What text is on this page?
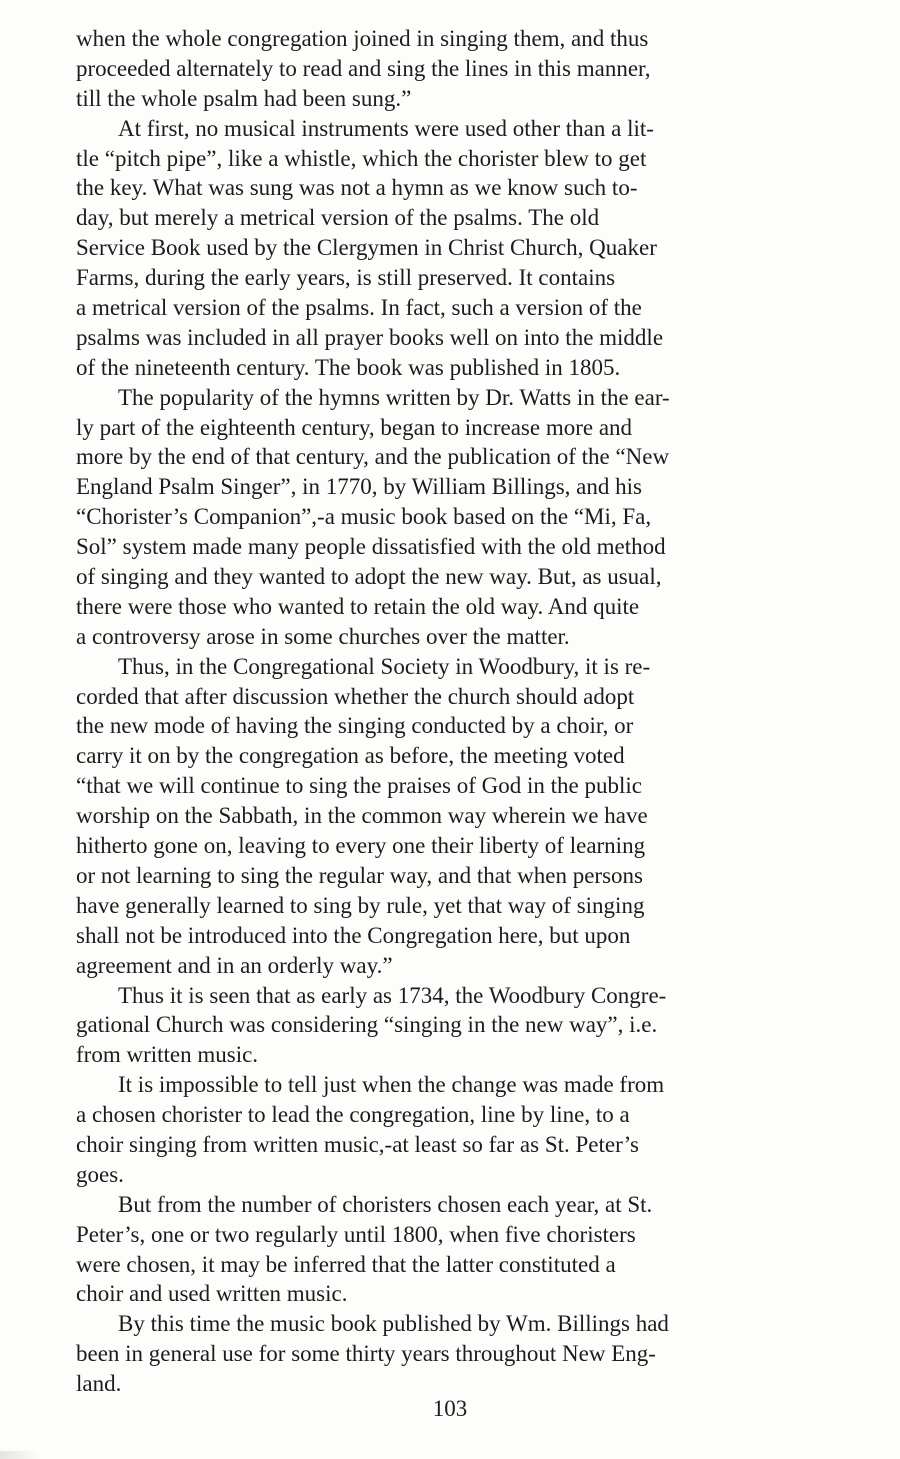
when the whole congregation joined in singing them, and thus
proceeded alternately to read and sing the lines in this manner,
till the whole psalm had been sung.”
At first, no musical instruments were used other than a lit-
tle “pitch pipe”, like a whistle, which the chorister blew to get
the key. What was sung was not a hymn as we know such to-
day, but merely a metrical version of the psalms. The old
Service Book used by the Clergymen in Christ Church, Quaker
Farms, during the early years, is still preserved. It contains
a metrical version of the psalms. In fact, such a version of the
psalms was included in all prayer books well on into the middle
of the nineteenth century. The book was published in 1805.
The popularity of the hymns written by Dr. Watts in the ear-
ly part of the eighteenth century, began to increase more and
more by the end of that century, and the publication of the “New
England Psalm Singer”, in 1770, by William Billings, and his
“Chorister’s Companion”,-a music book based on the “Mi, Fa,
Sol” system made many people dissatisfied with the old method
of singing and they wanted to adopt the new way. But, as usual,
there were those who wanted to retain the old way. And quite
a controversy arose in some churches over the matter.
Thus, in the Congregational Society in Woodbury, it is re-
corded that after discussion whether the church should adopt
the new mode of having the singing conducted by a choir, or
carry it on by the congregation as before, the meeting voted
“that we will continue to sing the praises of God in the public
worship on the Sabbath, in the common way wherein we have
hitherto gone on, leaving to every one their liberty of learning
or not learning to sing the regular way, and that when persons
have generally learned to sing by rule, yet that way of singing
shall not be introduced into the Congregation here, but upon
agreement and in an orderly way.”
Thus it is seen that as early as 1734, the Woodbury Congre-
gational Church was considering “singing in the new way”, i.e.
from written music.
It is impossible to tell just when the change was made from
a chosen chorister to lead the congregation, line by line, to a
choir singing from written music,-at least so far as St. Peter’s
goes.
But from the number of choristers chosen each year, at St.
Peter’s, one or two regularly until 1800, when five choristers
were chosen, it may be inferred that the latter constituted a
choir and used written music.
By this time the music book published by Wm. Billings had
been in general use for some thirty years throughout New Eng-
land.
103
